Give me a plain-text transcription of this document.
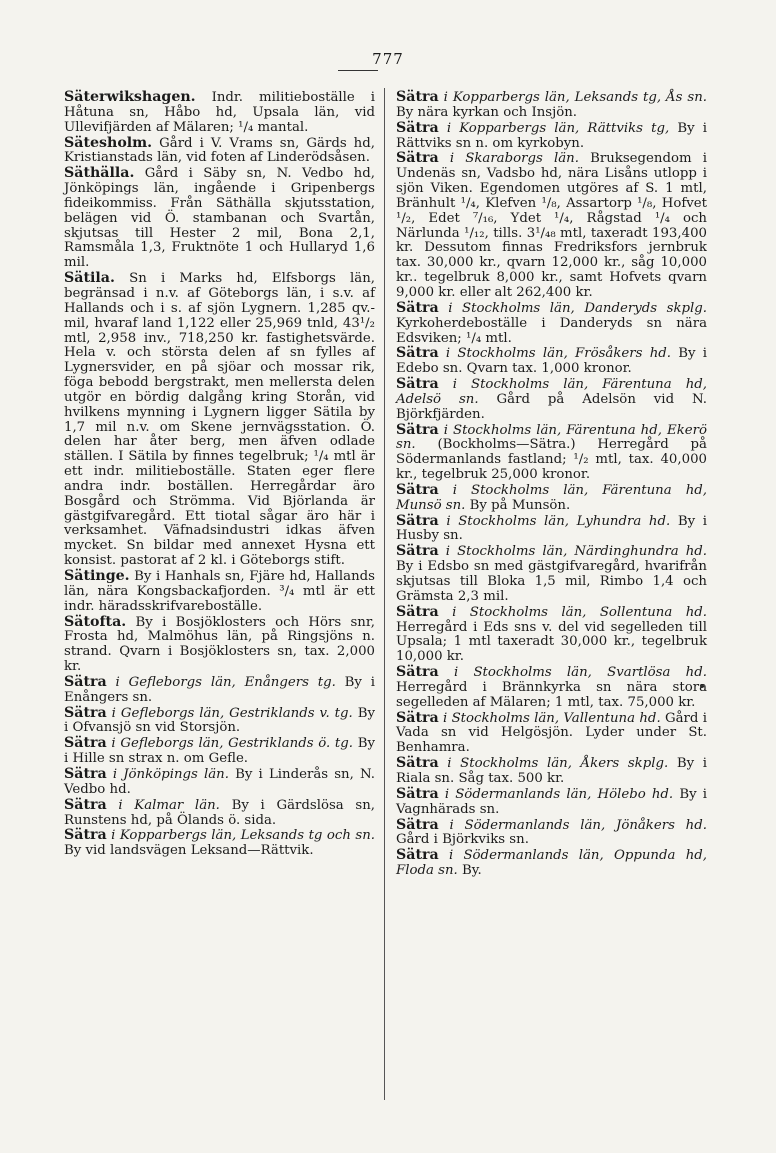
777

Säterwikshagen. Indr. militieboställe i Håtuna sn, Håbo hd, Upsala län, vid Ullevifjärden af Mälaren; ¹/₄ mantal.

Sätesholm. Gård i V. Vrams sn, Gärds hd, Kristianstads län, vid foten af Linderödsåsen.

Säthälla. Gård i Säby sn, N. Vedbo hd, Jönköpings län, ingående i Gripenbergs fideikommiss. Från Säthälla skjutsstation, belägen vid Ö. stambanan och Svartån, skjutsas till Hester 2 mil, Bona 2,1, Ramsmåla 1,3, Fruktnöte 1 och Hullaryd 1,6 mil.

Sätila. Sn i Marks hd, Elfsborgs län, begränsad i n.v. af Göteborgs län, i s.v. af Hallands och i s. af sjön Lygnern. 1,285 qv.-mil, hvaraf land 1,122 eller 25,969 tnld, 43¹/₂ mtl, 2,958 inv., 718,250 kr. fastighetsvärde. Hela v. och största delen af sn fylles af Lygnersvider, en på sjöar och mossar rik, föga bebodd bergstrakt, men mellersta delen utgör en bördig dalgång kring Storån, vid hvilkens mynning i Lygnern ligger Sätila by 1,7 mil n.v. om Skene jernvägsstation. Ö. delen har åter berg, men äfven odlade ställen. I Sätila by finnes tegelbruk; ¹/₄ mtl är ett indr. militieboställe. Staten eger flere andra indr. boställen. Herregårdar äro Bosgård och Strömma. Vid Björlanda är gästgifvaregård. Ett tiotal sågar äro här i verksamhet. Väfnadsindustri idkas äfven mycket. Sn bildar med annexet Hysna ett konsist. pastorat af 2 kl. i Göteborgs stift.

Sätinge. By i Hanhals sn, Fjäre hd, Hallands län, nära Kongsbackafjorden. ³/₄ mtl är ett indr. häradsskrifvareboställe.

Sätofta. By i Bosjöklosters och Hörs snr, Frosta hd, Malmöhus län, på Ringsjöns n. strand. Qvarn i Bosjöklosters sn, tax. 2,000 kr.

Sätra i Gefleborgs län, Enångers tg. By i Enångers sn.

Sätra i Gefleborgs län, Gestriklands v. tg. By i Ofvansjö sn vid Storsjön.

Sätra i Gefleborgs län, Gestriklands ö. tg. By i Hille sn strax n. om Gefle.

Sätra i Jönköpings län. By i Linderås sn, N. Vedbo hd.

Sätra i Kalmar län. By i Gärdslösa sn, Runstens hd, på Ölands ö. sida.

Sätra i Kopparbergs län, Leksands tg och sn. By vid landsvägen Leksand—Rättvik.

Sätra i Kopparbergs län, Leksands tg, Ås sn. By nära kyrkan och Insjön.

Sätra i Kopparbergs län, Rättviks tg, By i Rättviks sn n. om kyrkobyn.

Sätra i Skaraborgs län. Bruksegendom i Undenäs sn, Vadsbo hd, nära Lisåns utlopp i sjön Viken. Egendomen utgöres af S. 1 mtl, Bränhult ¹/₄, Klefven ¹/₈, Assartorp ¹/₈, Hofvet ¹/₂, Edet ⁷/₁₆, Ydet ¹/₄, Rågstad ¹/₄ och Närlunda ¹/₁₂, tills. 3¹/₄₈ mtl, taxeradt 193,400 kr. Dessutom finnas Fredriksfors jernbruk tax. 30,000 kr., qvarn 12,000 kr., såg 10,000 kr.. tegelbruk 8,000 kr., samt Hofvets qvarn 9,000 kr. eller alt 262,400 kr.

Sätra i Stockholms län, Danderyds skplg. Kyrkoherdeboställe i Danderyds sn nära Edsviken; ¹/₄ mtl.

Sätra i Stockholms län, Frösåkers hd. By i Edebo sn. Qvarn tax. 1,000 kronor.

Sätra i Stockholms län, Färentuna hd, Adelsö sn. Gård på Adelsön vid N. Björkfjärden.

Sätra i Stockholms län, Färentuna hd, Ekerö sn. (Bockholms—Sätra.) Herregård på Södermanlands fastland; ¹/₂ mtl, tax. 40,000 kr., tegelbruk 25,000 kronor.

Sätra i Stockholms län, Färentuna hd, Munsö sn. By på Munsön.

Sätra i Stockholms län, Lyhundra hd. By i Husby sn.

Sätra i Stockholms län, Närdinghundra hd. By i Edsbo sn med gästgifvaregård, hvarifrån skjutsas till Bloka 1,5 mil, Rimbo 1,4 och Grämsta 2,3 mil.

Sätra i Stockholms län, Sollentuna hd. Herregård i Eds sns v. del vid segelleden till Upsala; 1 mtl taxeradt 30,000 kr., tegelbruk 10,000 kr.

Sätra i Stockholms län, Svartlösa hd. Herregård i Brännkyrka sn nära stora segelleden af Mälaren; 1 mtl, tax. 75,000 kr.

Sätra i Stockholms län, Vallentuna hd. Gård i Vada sn vid Helgösjön. Lyder under St. Benhamra.

Sätra i Stockholms län, Åkers skplg. By i Riala sn. Såg tax. 500 kr.

Sätra i Södermanlands län, Hölebo hd. By i Vagnhärads sn.

Sätra i Södermanlands län, Jönåkers hd. Gård i Björkviks sn.

Sätra i Södermanlands län, Oppunda hd, Floda sn. By.
